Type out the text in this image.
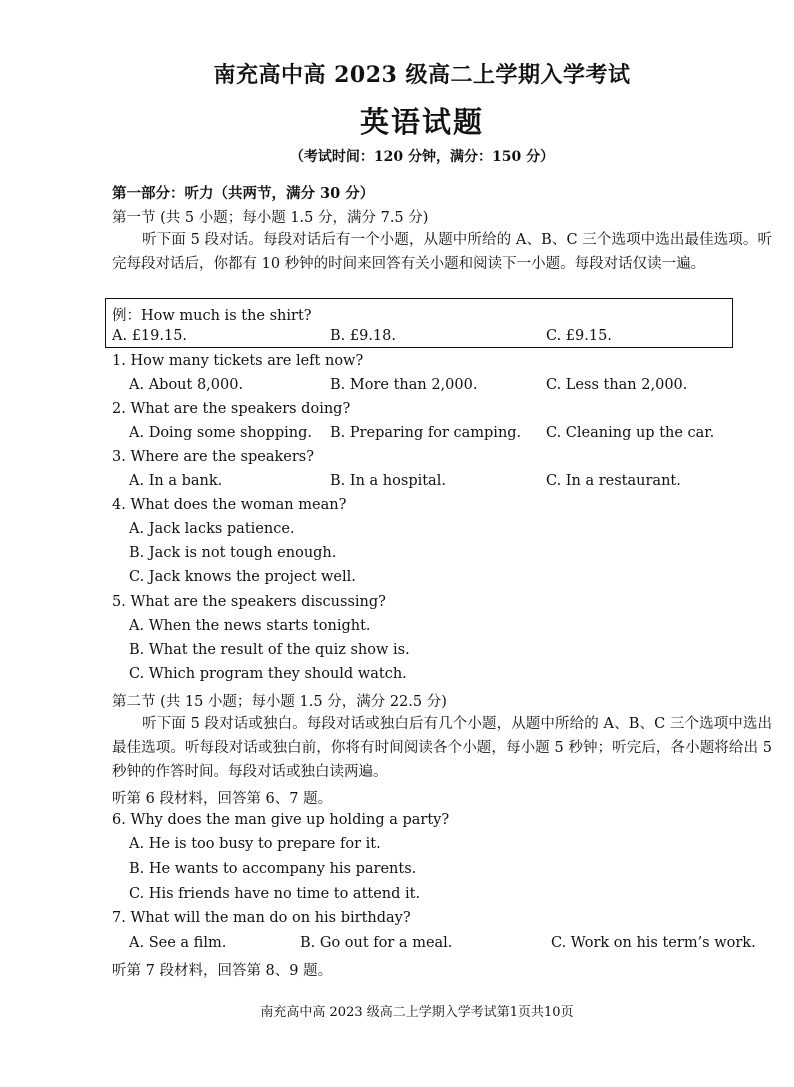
南充高中高 2023 级高二上学期入学考试
英语试题
（考试时间：120 分钟，满分：150 分）
第一部分：听力（共两节，满分 30 分）
第一节 (共 5 小题；每小题 1.5 分，满分 7.5 分)
听下面 5 段对话。每段对话后有一个小题，从题中所给的 A、B、C 三个选项中选出最佳选项。听完每段对话后，你都有 10 秒钟的时间来回答有关小题和阅读下一小题。每段对话仅读一遍。
例：How much is the shirt?
A. £19.15.	B. £9.18.	C. £9.15.
1. How many tickets are left now?
A. About 8,000.	B. More than 2,000.	C. Less than 2,000.
2. What are the speakers doing?
A. Doing some shopping. B. Preparing for camping. C. Cleaning up the car.
3. Where are the speakers?
A. In a bank.	B. In a hospital.	C. In a restaurant.
4. What does the woman mean?
A. Jack lacks patience.
B. Jack is not tough enough.
C. Jack knows the project well.
5. What are the speakers discussing?
A. When the news starts tonight.
B. What the result of the quiz show is.
C. Which program they should watch.
第二节 (共 15 小题；每小题 1.5 分，满分 22.5 分)
听下面 5 段对话或独白。每段对话或独白后有几个小题，从题中所给的 A、B、C 三个选项中选出最佳选项。听每段对话或独白前，你将有时间阅读各个小题，每小题 5 秒钟；听完后，各小题将给出 5 秒钟的作答时间。每段对话或独白读两遍。
听第 6 段材料，回答第 6、7 题。
6. Why does the man give up holding a party?
A. He is too busy to prepare for it.
B. He wants to accompany his parents.
C. His friends have no time to attend it.
7. What will the man do on his birthday?
A. See a film.	B. Go out for a meal.	C. Work on his term’s work.
听第 7 段材料，回答第 8、9 题。
南充高中高 2023 级高二上学期入学考试第1页共10页
